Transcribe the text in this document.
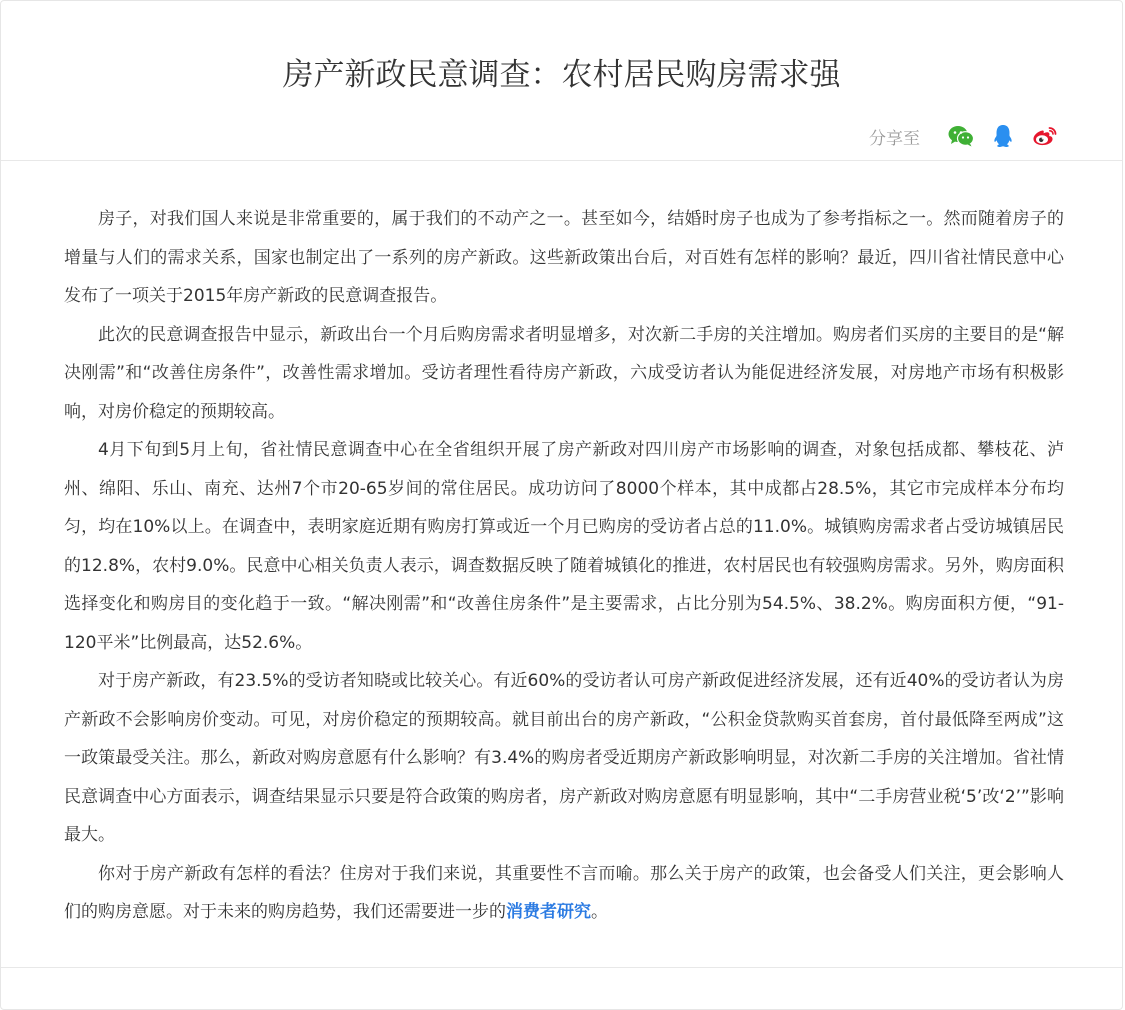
房产新政民意调查：农村居民购房需求强
分享至

房子，对我们国人来说是非常重要的，属于我们的不动产之一。甚至如今，结婚时房子也成为了参考指标之一。然而随着房子的增量与人们的需求关系，国家也制定出了一系列的房产新政。这些新政策出台后，对百姓有怎样的影响？最近，四川省社情民意中心发布了一项关于2015年房产新政的民意调查报告。

此次的民意调查报告中显示，新政出台一个月后购房需求者明显增多，对次新二手房的关注增加。购房者们买房的主要目的是“解决刚需”和“改善住房条件”，改善性需求增加。受访者理性看待房产新政，六成受访者认为能促进经济发展，对房地产市场有积极影响，对房价稳定的预期较高。

4月下旬到5月上旬，省社情民意调查中心在全省组织开展了房产新政对四川房产市场影响的调查，对象包括成都、攀枝花、泸州、绵阳、乐山、南充、达州7个市20-65岁间的常住居民。成功访问了8000个样本，其中成都占28.5%，其它市完成样本分布均匀，均在10%以上。在调查中，表明家庭近期有购房打算或近一个月已购房的受访者占总的11.0%。城镇购房需求者占受访城镇居民的12.8%，农村9.0%。民意中心相关负责人表示，调查数据反映了随着城镇化的推进，农村居民也有较强购房需求。另外，购房面积选择变化和购房目的变化趋于一致。“解决刚需”和“改善住房条件”是主要需求，占比分别为54.5%、38.2%。购房面积方便，“91-120平米”比例最高，达52.6%。

对于房产新政，有23.5%的受访者知晓或比较关心。有近60%的受访者认可房产新政促进经济发展，还有近40%的受访者认为房产新政不会影响房价变动。可见，对房价稳定的预期较高。就目前出台的房产新政，“公积金贷款购买首套房，首付最低降至两成”这一政策最受关注。那么，新政对购房意愿有什么影响？有3.4%的购房者受近期房产新政影响明显，对次新二手房的关注增加。省社情民意调查中心方面表示，调查结果显示只要是符合政策的购房者，房产新政对购房意愿有明显影响，其中“二手房营业税‘5’改‘2’”影响最大。

你对于房产新政有怎样的看法？住房对于我们来说，其重要性不言而喻。那么关于房产的政策，也会备受人们关注，更会影响人们的购房意愿。对于未来的购房趋势，我们还需要进一步的消费者研究。
